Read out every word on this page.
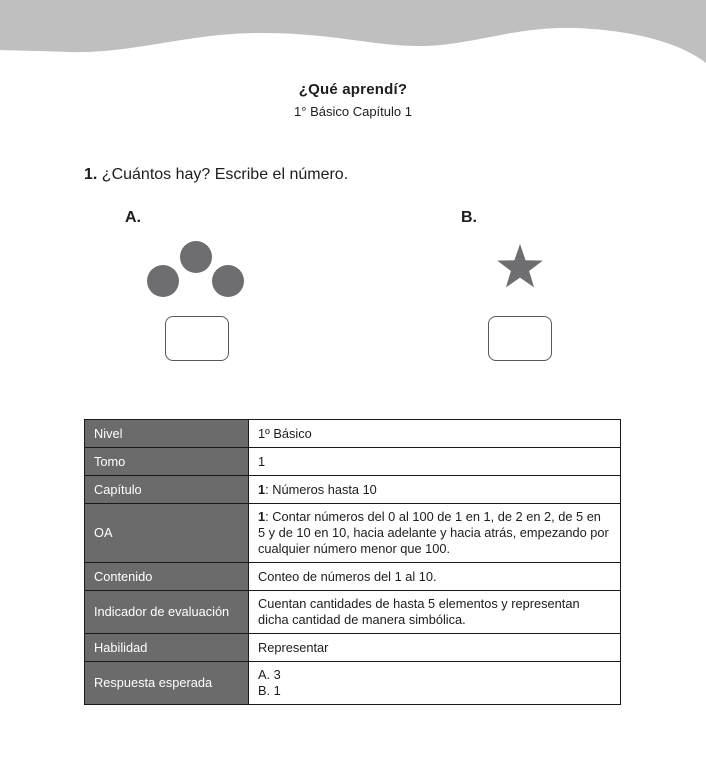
¿Qué aprendí?
1° Básico Capítulo 1
1. ¿Cuántos hay? Escribe el número.
A.	B.
Nivel	1º Básico
Tomo	1
Capítulo	1: Números hasta 10
OA	1: Contar números del 0 al 100 de 1 en 1, de 2 en 2, de 5 en 5 y de 10 en 10, hacia adelante y hacia atrás, empezando por cualquier número menor que 100.
Contenido	Conteo de números del 1 al 10.
Indicador de evaluación	Cuentan cantidades de hasta 5 elementos y representan dicha cantidad de manera simbólica.
Habilidad	Representar
Respuesta esperada	A. 3
B. 1
